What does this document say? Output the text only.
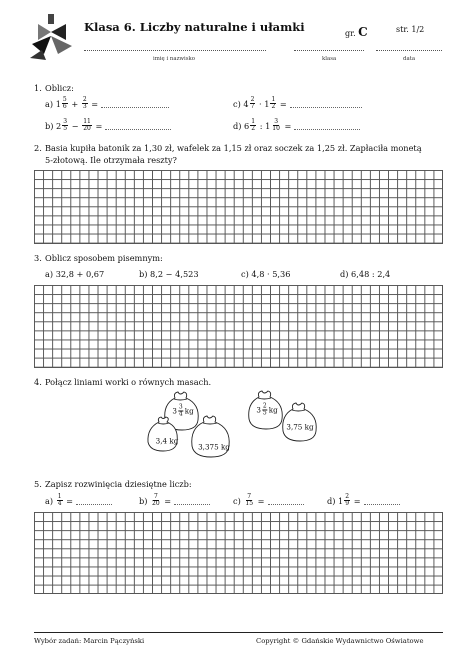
Klasa 6. Liczby naturalne i ułamki	gr. C	str. 1/2
imię i nazwisko	klasa	data
1. Oblicz:
a)
$1 \frac{5}{6}$
+
$\frac{2}{3}$
=	c)
$4 \frac{2}{7}$
·
$1 \frac{1}{2}$
=
b)
$2 \frac{3}{5}$
−
$\frac{11}{20}$
=	d)
$6 \frac{1}{2}$
:
$1 \frac{3}{10}$
=
2. Basia kupiła batonik za 1,30 zł, wafelek za 1,15 zł oraz soczek za 1,25 zł. Zapłaciła monetą
5-złotową. Ile otrzymała reszty?
3. Oblicz sposobem pisemnym:
a)
32,8 + 0,67	b)
8,2 − 4,523	c)
4,8 · 5,36	d)
6,48 : 2,4
4. Połącz liniami worki o równych masach.
$3 \frac{3}{4}$ kg
3,4 kg
3,375 kg
$3 \frac{2}{5}$ kg
3,75 kg
5. Zapisz rozwinięcia dziesiętne liczb:
a)
$\frac{1}{4}$
=	b)
$\frac{7}{20}$
=	c)
$\frac{7}{15}$
=	d)
$1 \frac{2}{9}$
=
Wybór zadań: Marcin Pączyński	Copyright © Gdańskie Wydawnictwo Oświatowe
